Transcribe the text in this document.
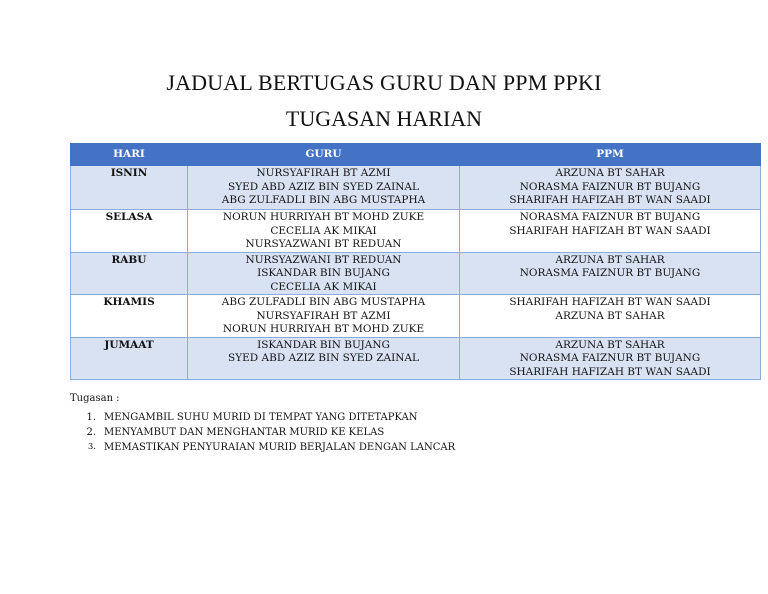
JADUAL BERTUGAS GURU DAN PPM PPKI
TUGASAN HARIAN
HARI	GURU	PPM
ISNIN	NURSYAFIRAH BT AZMI
SYED ABD AZIZ BIN SYED ZAINAL
ABG ZULFADLI BIN ABG MUSTAPHA	ARZUNA BT SAHAR
NORASMA FAIZNUR BT BUJANG
SHARIFAH HAFIZAH BT WAN SAADI

SELASA	NORUN HURRIYAH BT MOHD ZUKE
CECELIA AK MIKAI
NURSYAZWANI BT REDUAN	NORASMA FAIZNUR BT BUJANG
SHARIFAH HAFIZAH BT WAN SAADI

RABU	NURSYAZWANI BT REDUAN
ISKANDAR BIN BUJANG
CECELIA AK MIKAI	ARZUNA BT SAHAR
NORASMA FAIZNUR BT BUJANG

KHAMIS	ABG ZULFADLI BIN ABG MUSTAPHA
NURSYAFIRAH BT AZMI
NORUN HURRIYAH BT MOHD ZUKE	SHARIFAH HAFIZAH BT WAN SAADI
ARZUNA BT SAHAR

JUMAAT	ISKANDAR BIN BUJANG
SYED ABD AZIZ BIN SYED ZAINAL	ARZUNA BT SAHAR
NORASMA FAIZNUR BT BUJANG
SHARIFAH HAFIZAH BT WAN SAADI
Tugasan :
1. MENGAMBIL SUHU MURID DI TEMPAT YANG DITETAPKAN
2. MENYAMBUT DAN MENGHANTAR MURID KE KELAS
3. MEMASTIKAN PENYURAIAN MURID BERJALAN DENGAN LANCAR
